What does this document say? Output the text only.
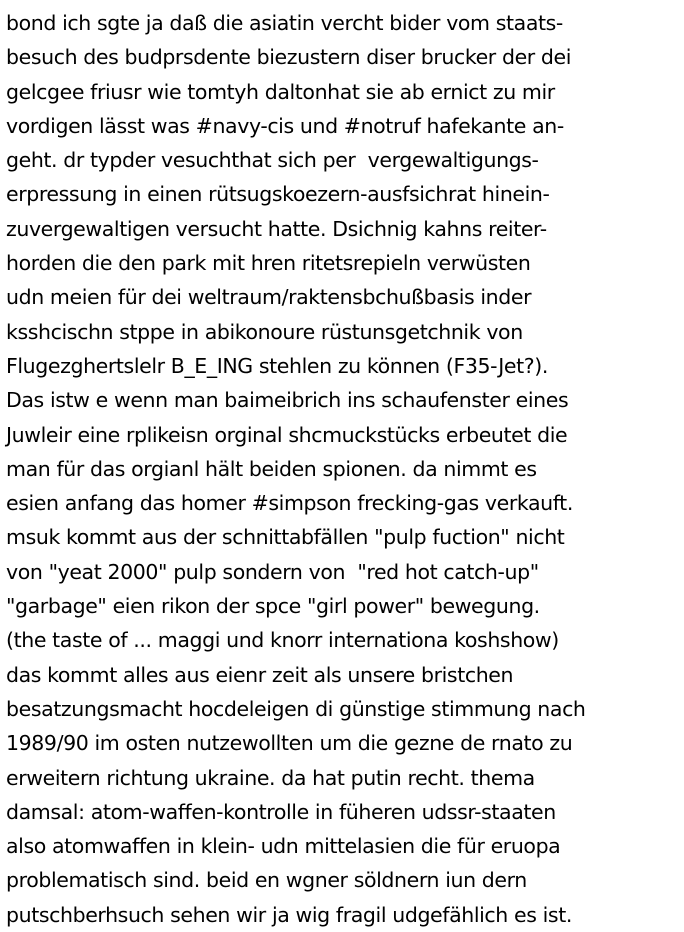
bond ich sgte ja daß die asiatin vercht bider vom staats-
besuch des budprsdente biezustern diser brucker der dei
gelcgee friusr wie tomtyh daltonhat sie ab ernict zu mir
vordigen lässt was #navy-cis und #notruf hafekante an-
geht. dr typder vesuchthat sich per  vergewaltigungs-
erpressung in einen rütsugskoezern-ausfsichrat hinein-
zuvergewaltigen versucht hatte. Dsichnig kahns reiter-
horden die den park mit hren ritetsrepieln verwüsten
udn meien für dei weltraum/raktensbchußbasis inder
ksshcischn stppe in abikonoure rüstunsgetchnik von
Flugezghertslelr B_E_ING stehlen zu können (F35-Jet?).
Das istw e wenn man baimeibrich ins schaufenster eines
Juwleir eine rplikeisn orginal shcmuckstücks erbeutet die
man für das orgianl hält beiden spionen. da nimmt es
esien anfang das homer #simpson frecking-gas verkauft.
msuk kommt aus der schnittabfällen "pulp fuction" nicht
von "yeat 2000" pulp sondern von  "red hot catch-up"
"garbage" eien rikon der spce "girl power" bewegung.
(the taste of ... maggi und knorr internationa koshshow)
das kommt alles aus eienr zeit als unsere bristchen
besatzungsmacht hocdeleigen di günstige stimmung nach
1989/90 im osten nutzewollten um die gezne de rnato zu
erweitern richtung ukraine. da hat putin recht. thema
damsal: atom-waffen-kontrolle in füheren udssr-staaten
also atomwaffen in klein- udn mittelasien die für eruopa
problematisch sind. beid en wgner söldnern iun dern
putschberhsuch sehen wir ja wig fragil udgefählich es ist.
